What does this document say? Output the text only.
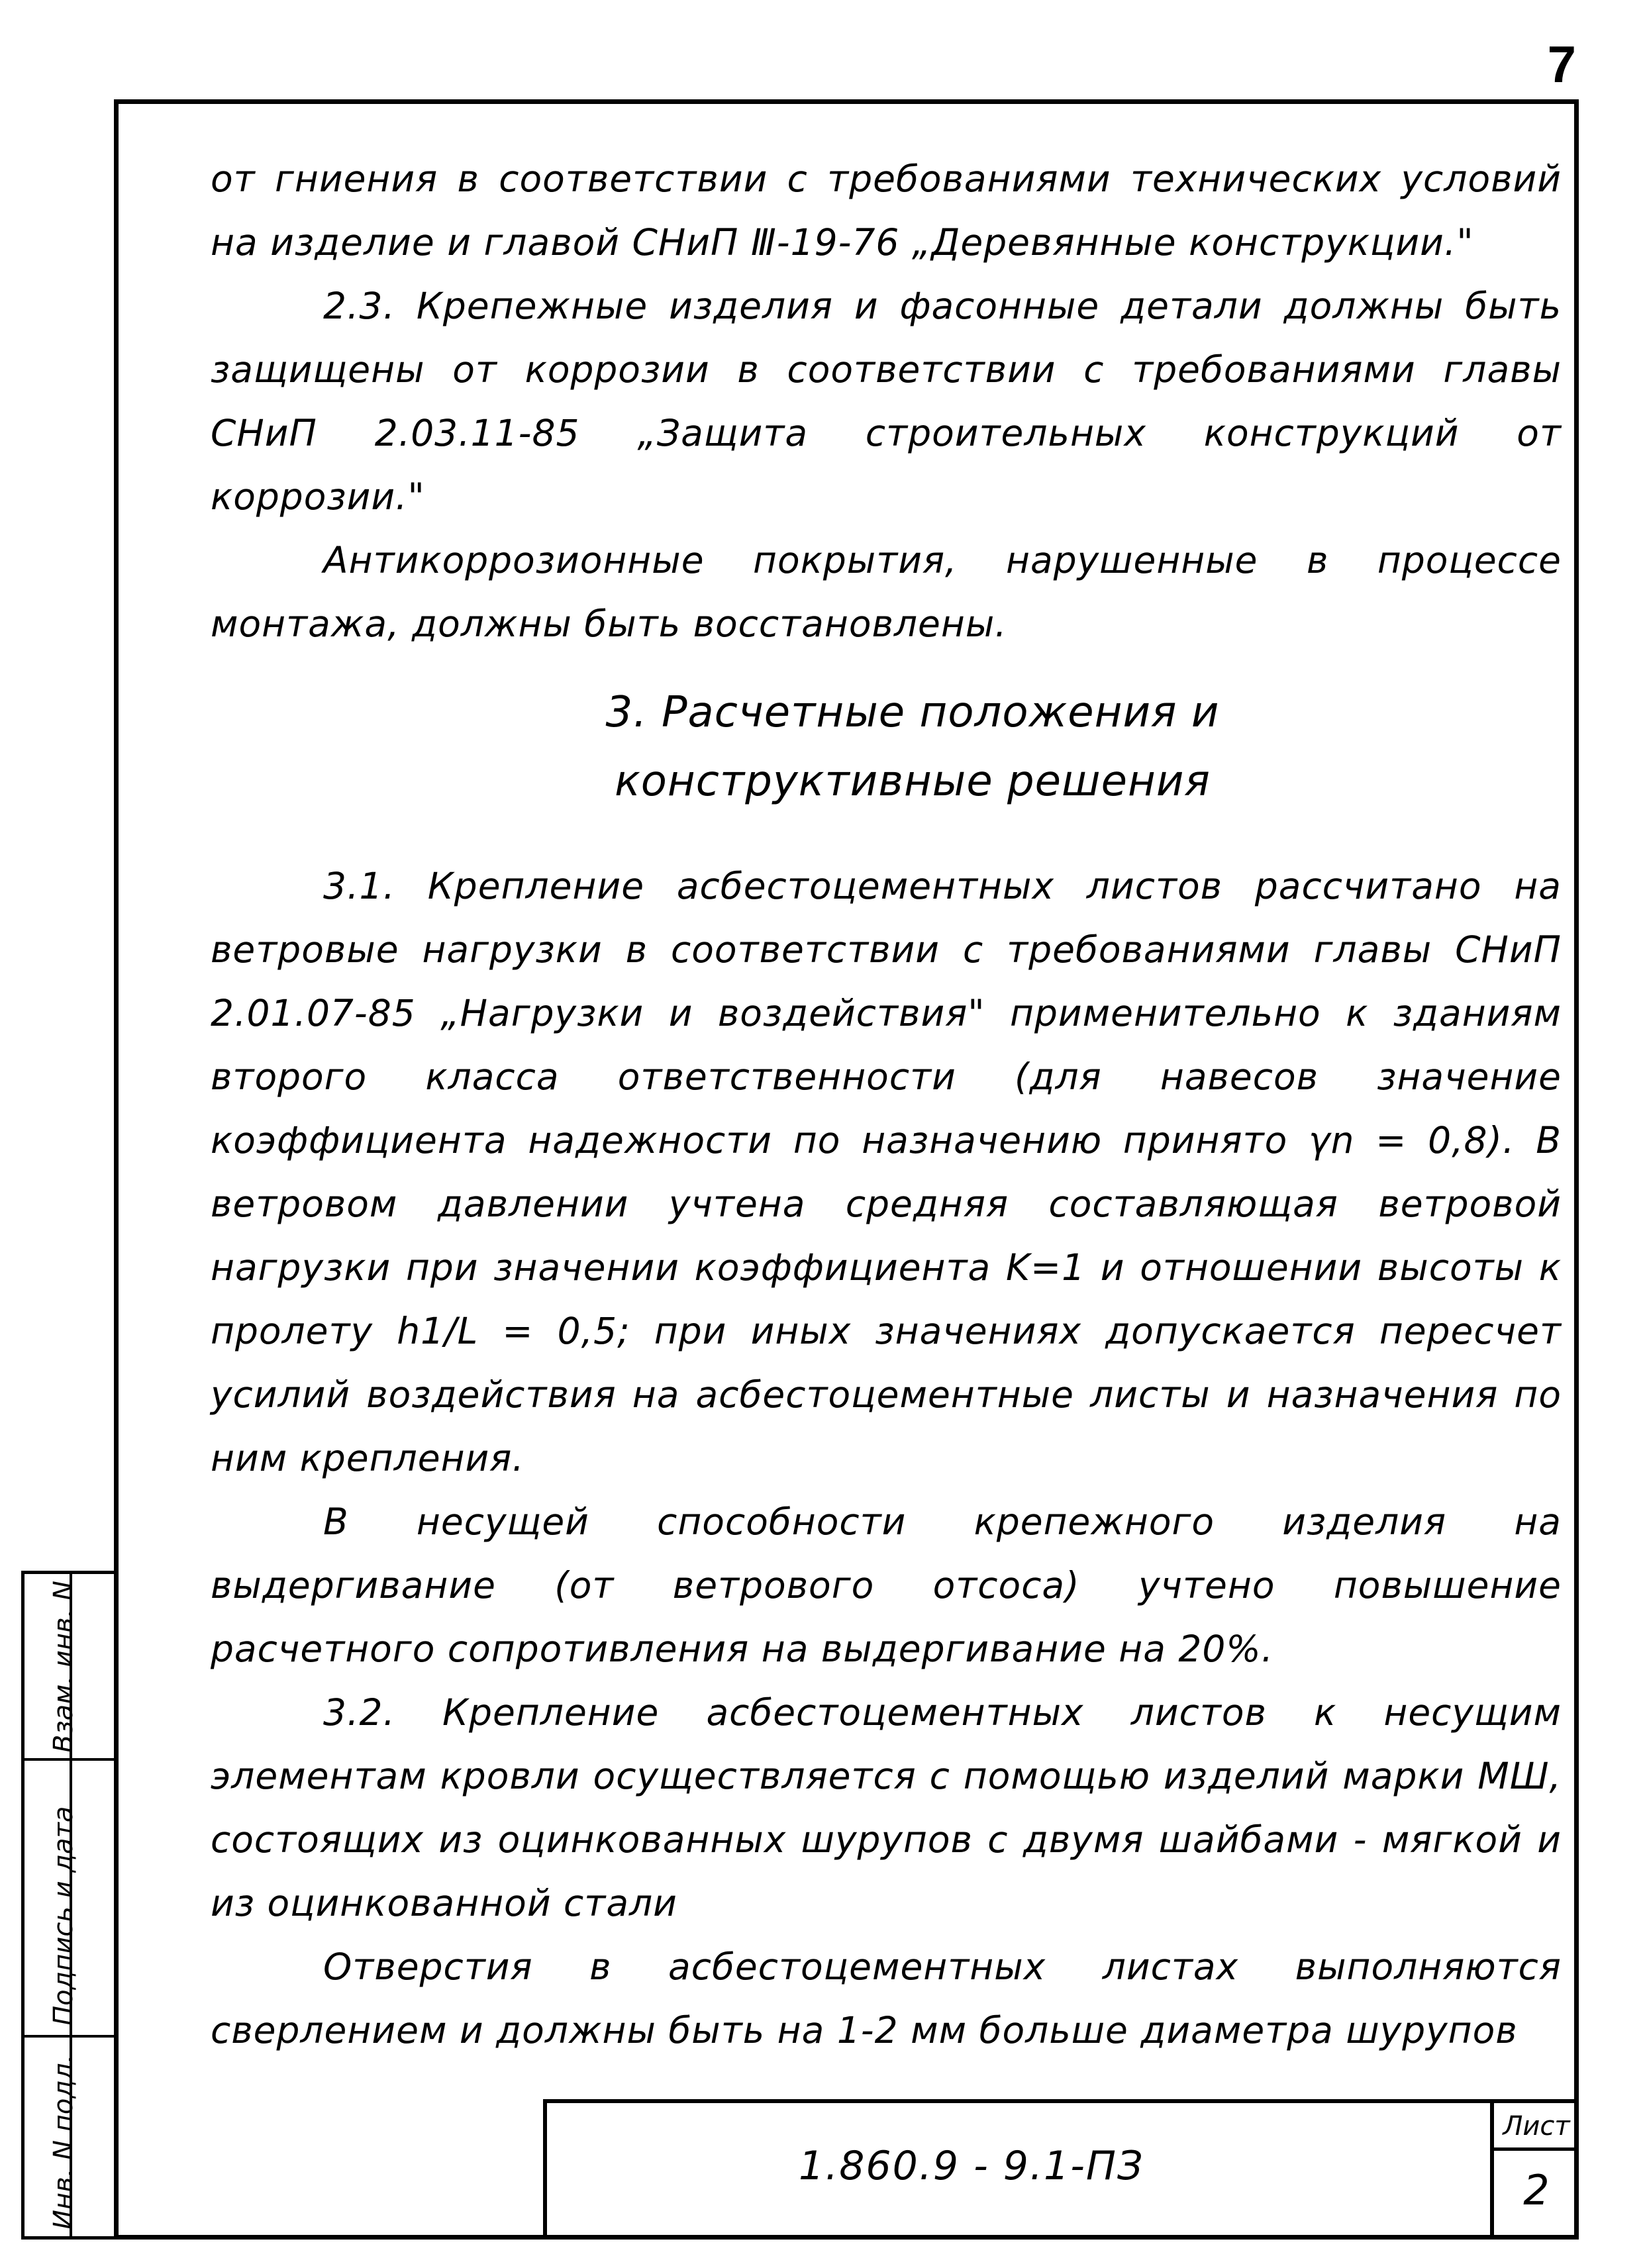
7

от гниения в соответствии с требованиями технических условий на изделие и главой СНиП Ⅲ-19-76 „Деревянные конструкции."

2.3. Крепежные изделия и фасонные детали должны быть защищены от коррозии в соответствии с требованиями главы СНиП 2.03.11-85 „Защита строительных конструкций от коррозии."

Антикоррозионные покрытия, нарушенные в процессе монтажа, должны быть восстановлены.

3. Расчетные положения и
конструктивные решения

3.1. Крепление асбестоцементных листов рассчитано на ветровые нагрузки в соответствии с требованиями главы СНиП 2.01.07-85 „Нагрузки и воздействия" применительно к зданиям второго класса ответственности (для навесов значение коэффициента надежности по назначению принято γn = 0,8). В ветровом давлении учтена средняя составляющая ветровой нагрузки при значении коэффициента K=1 и отношении высоты к пролету h1/L = 0,5; при иных значениях допускается пересчет усилий воздействия на асбестоцементные листы и назначения по ним крепления.

В несущей способности крепежного изделия на выдергивание (от ветрового отсоса) учтено повышение расчетного сопротивления на выдергивание на 20%.

3.2. Крепление асбестоцементных листов к несущим элементам кровли осуществляется с помощью изделий марки МШ, состоящих из оцинкованных шурупов с двумя шайбами - мягкой и из оцинкованной стали

Отверстия в асбестоцементных листах выполняются сверлением и должны быть на 1-2 мм больше диаметра шурупов

Взам. инв. N
Подпись и дата
Инв. N подл.	1.860.9 - 9.1-ПЗ
Лист
2
